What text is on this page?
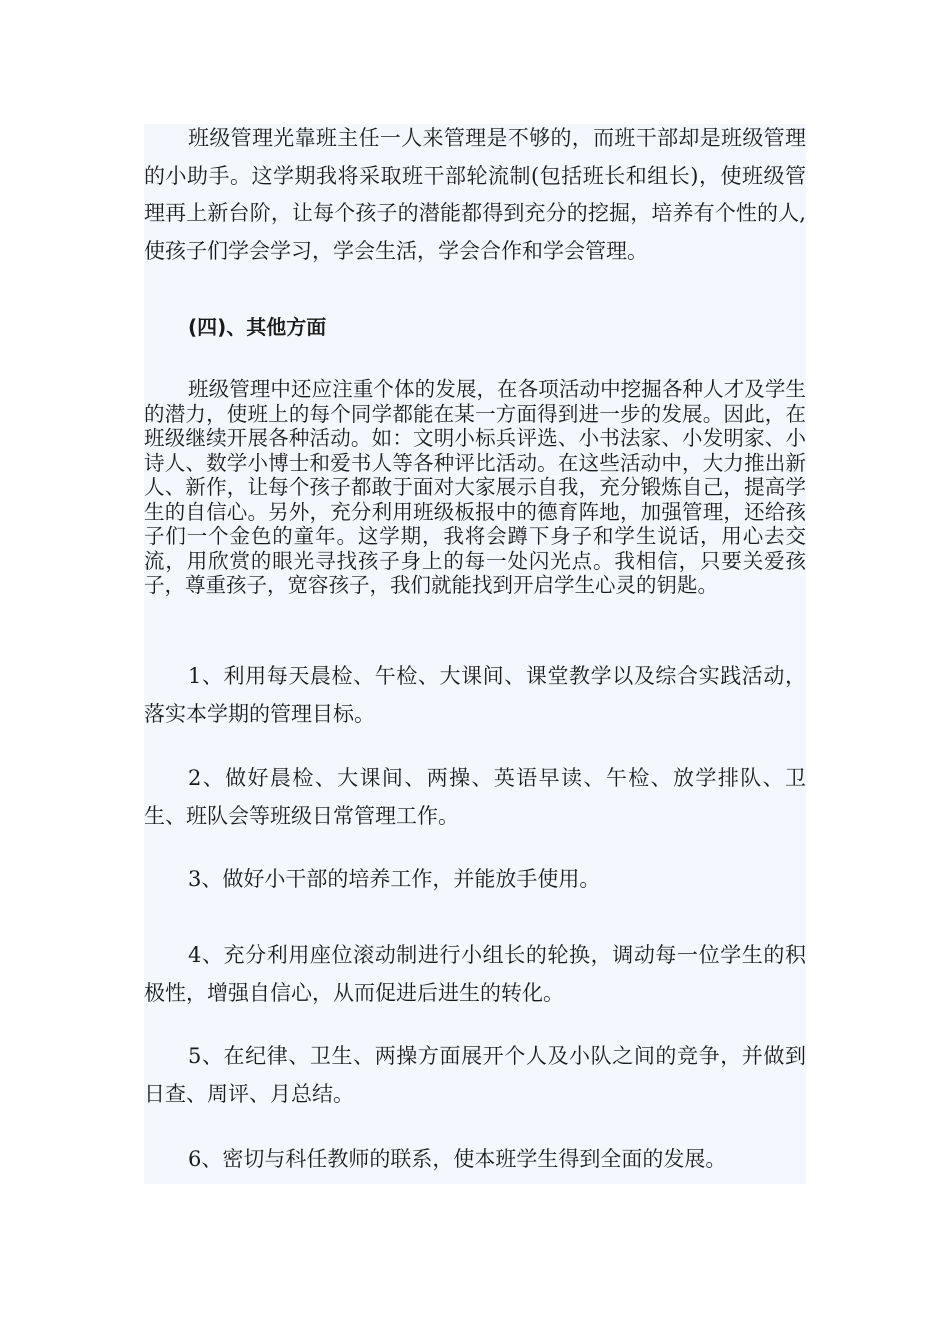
班级管理光靠班主任一人来管理是不够的，而班干部却是班级管理的小助手。这学期我将采取班干部轮流制(包括班长和组长)，使班级管理再上新台阶，让每个孩子的潜能都得到充分的挖掘，培养有个性的人,使孩子们学会学习，学会生活，学会合作和学会管理。

(四)、其他方面

班级管理中还应注重个体的发展，在各项活动中挖掘各种人才及学生的潜力，使班上的每个同学都能在某一方面得到进一步的发展。因此，在班级继续开展各种活动。如：文明小标兵评选、小书法家、小发明家、小诗人、数学小博士和爱书人等各种评比活动。在这些活动中，大力推出新人、新作，让每个孩子都敢于面对大家展示自我，充分锻炼自己，提高学生的自信心。另外，充分利用班级板报中的德育阵地，加强管理，还给孩子们一个金色的童年。这学期，我将会蹲下身子和学生说话，用心去交流，用欣赏的眼光寻找孩子身上的每一处闪光点。我相信，只要关爱孩子，尊重孩子，宽容孩子，我们就能找到开启学生心灵的钥匙。

1、利用每天晨检、午检、大课间、课堂教学以及综合实践活动，落实本学期的管理目标。

2、做好晨检、大课间、两操、英语早读、午检、放学排队、卫生、班队会等班级日常管理工作。

3、做好小干部的培养工作，并能放手使用。

4、充分利用座位滚动制进行小组长的轮换，调动每一位学生的积极性，增强自信心，从而促进后进生的转化。

5、在纪律、卫生、两操方面展开个人及小队之间的竞争，并做到日查、周评、月总结。

6、密切与科任教师的联系，使本班学生得到全面的发展。
